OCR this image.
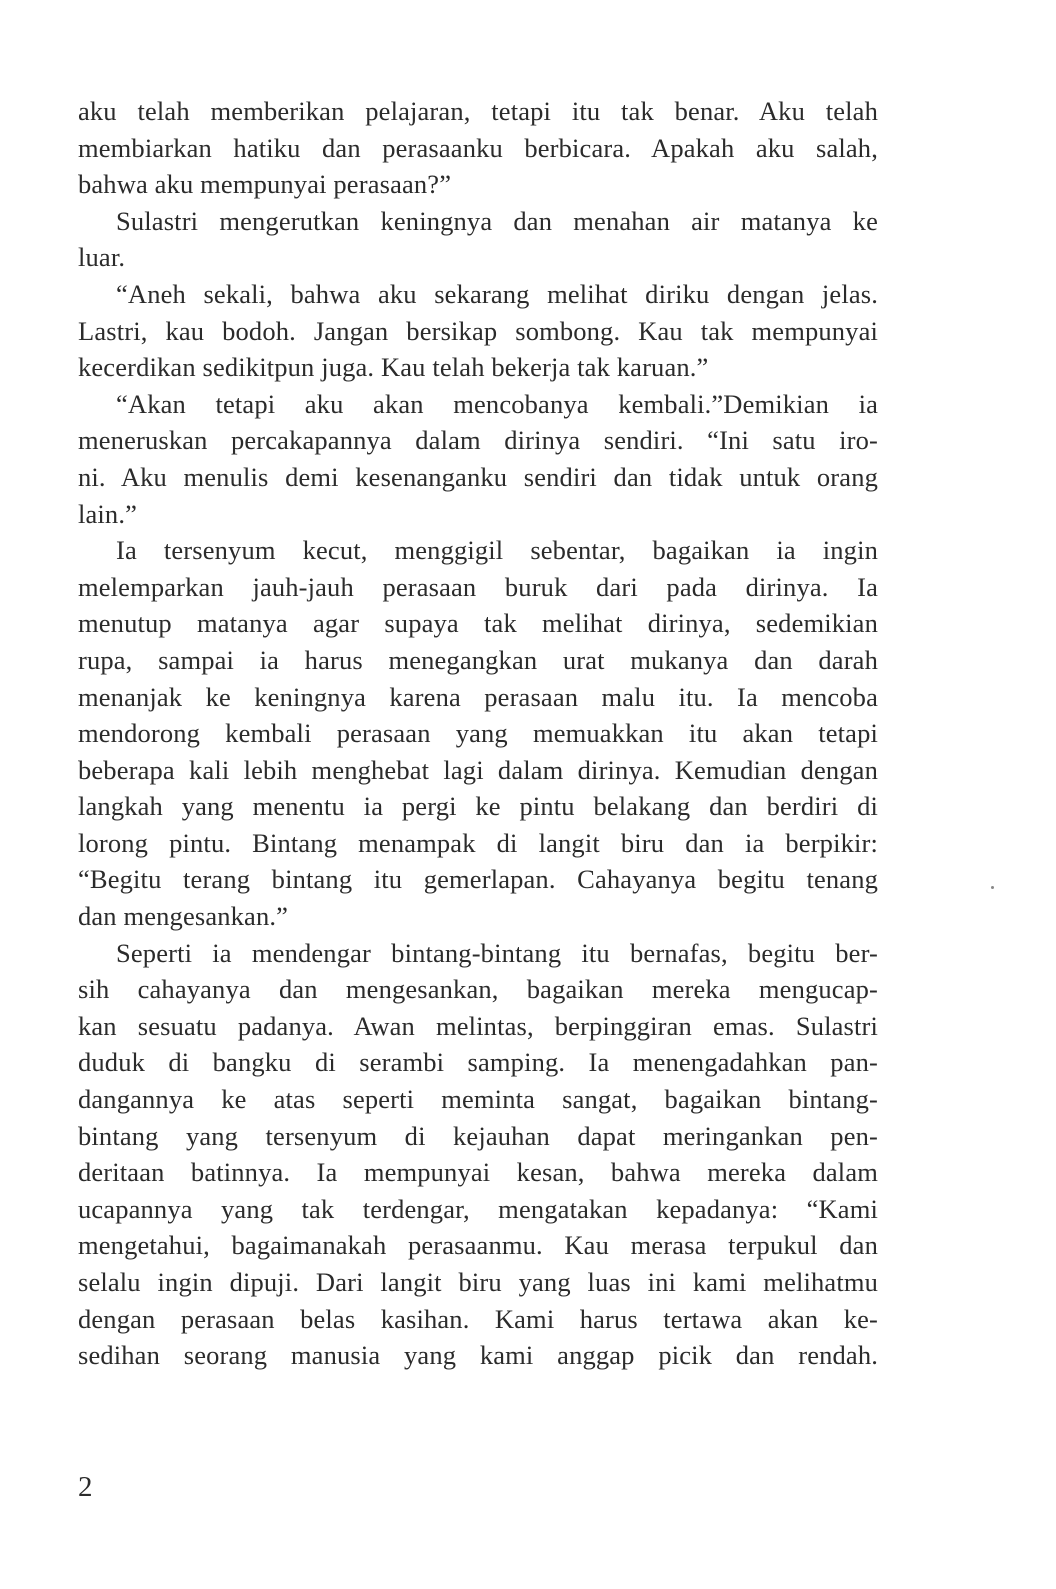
aku telah memberikan pelajaran, tetapi itu tak benar. Aku telah
membiarkan hatiku dan perasaanku berbicara. Apakah aku salah,
bahwa aku mempunyai perasaan?”
Sulastri mengerutkan keningnya dan menahan air matanya ke
luar.
“Aneh sekali, bahwa aku sekarang melihat diriku dengan jelas.
Lastri, kau bodoh. Jangan bersikap sombong. Kau tak mempunyai
kecerdikan sedikitpun juga. Kau telah bekerja tak karuan.”
“Akan tetapi aku akan mencobanya kembali.”Demikian ia
meneruskan percakapannya dalam dirinya sendiri. “Ini satu iro-
ni. Aku menulis demi kesenanganku sendiri dan tidak untuk orang
lain.”
Ia tersenyum kecut, menggigil sebentar, bagaikan ia ingin
melemparkan jauh-jauh perasaan buruk dari pada dirinya. Ia
menutup matanya agar supaya tak melihat dirinya, sedemikian
rupa, sampai ia harus menegangkan urat mukanya dan darah
menanjak ke keningnya karena perasaan malu itu. Ia mencoba
mendorong kembali perasaan yang memuakkan itu akan tetapi
beberapa kali lebih menghebat lagi dalam dirinya. Kemudian dengan
langkah yang menentu ia pergi ke pintu belakang dan berdiri di
lorong pintu. Bintang menampak di langit biru dan ia berpikir:
“Begitu terang bintang itu gemerlapan. Cahayanya begitu tenang
dan mengesankan.”
Seperti ia mendengar bintang-bintang itu bernafas, begitu ber-
sih cahayanya dan mengesankan, bagaikan mereka mengucap-
kan sesuatu padanya. Awan melintas, berpinggiran emas. Sulastri
duduk di bangku di serambi samping. Ia menengadahkan pan-
dangannya ke atas seperti meminta sangat, bagaikan bintang-
bintang yang tersenyum di kejauhan dapat meringankan pen-
deritaan batinnya. Ia mempunyai kesan, bahwa mereka dalam
ucapannya yang tak terdengar, mengatakan kepadanya: “Kami
mengetahui, bagaimanakah perasaanmu. Kau merasa terpukul dan
selalu ingin dipuji. Dari langit biru yang luas ini kami melihatmu
dengan perasaan belas kasihan. Kami harus tertawa akan ke-
sedihan seorang manusia yang kami anggap picik dan rendah.
2
